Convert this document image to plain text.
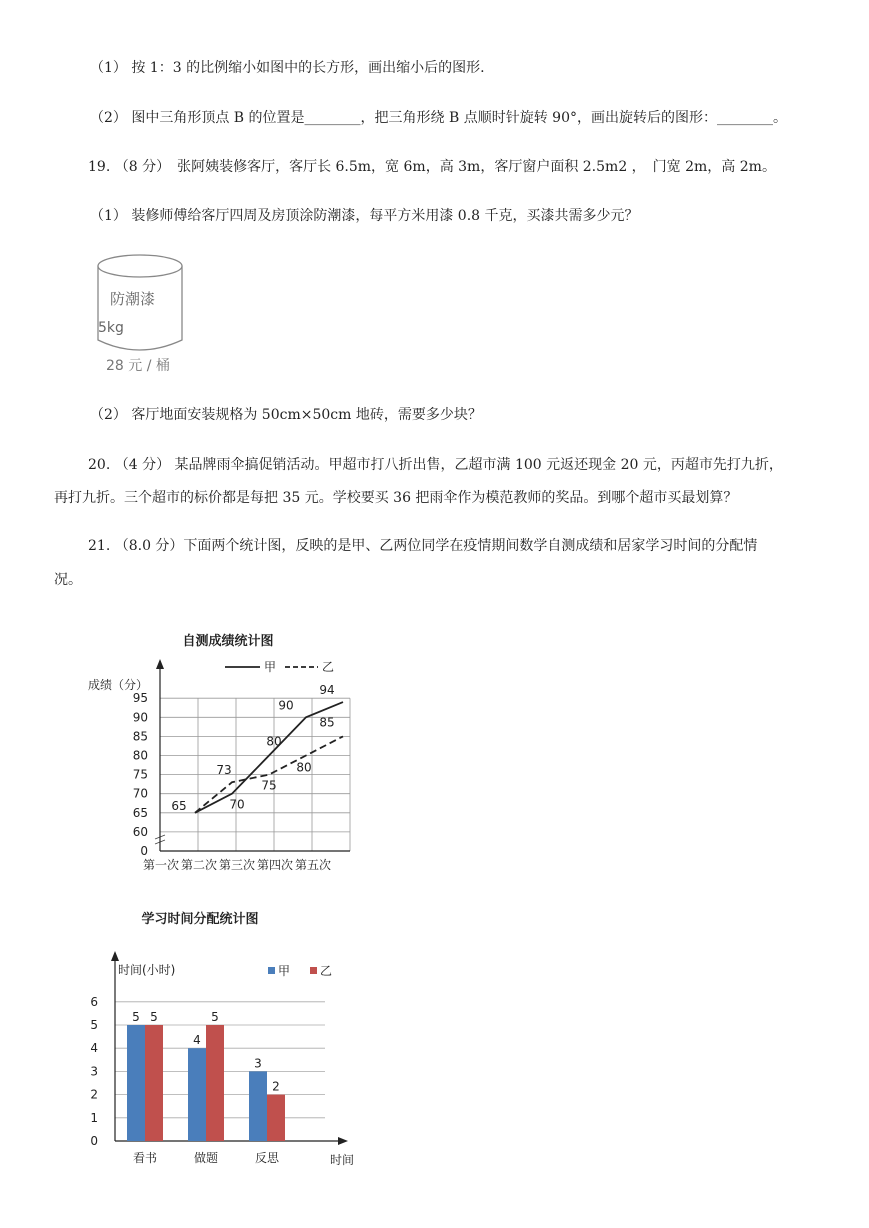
（1） 按 1：3 的比例缩小如图中的长方形，画出缩小后的图形.
（2） 图中三角形顶点 B 的位置是________，把三角形绕 B 点顺时针旋转 90°，画出旋转后的图形：________。
19. （8 分）　张阿姨装修客厅，客厅长 6.5m，宽 6m，高 3m，客厅窗户面积 2.5m2 ，　门宽 2m，高 2m。
（1） 装修师傅给客厅四周及房顶涂防潮漆，每平方米用漆 0.8 千克，买漆共需多少元？
防潮漆
5kg
28 元 / 桶
（2） 客厅地面安装规格为 50cm×50cm 地砖，需要多少块？
20. （4 分） 某品牌雨伞搞促销活动。甲超市打八折出售，乙超市满 100 元返还现金 20 元，丙超市先打九折，
再打九折。三个超市的标价都是每把 35 元。学校要买 36 把雨伞作为模范教师的奖品。到哪个超市买最划算？
21. （8.0 分）下面两个统计图，反映的是甲、乙两位同学在疫情期间数学自测成绩和居家学习时间的分配情
况。
自测成绩统计图
成绩（分）
0
60
65
70
75
80
85
90
95
第一次 第二次 第三次 第四次 第五次
甲	乙
65	70
80
90
94
73
75
80
85
学习时间分配统计图
时间(小时)
0
1
2
3
4
5
6
时间
甲 乙
5 5
看书
4
5
做题
3
2
反思
